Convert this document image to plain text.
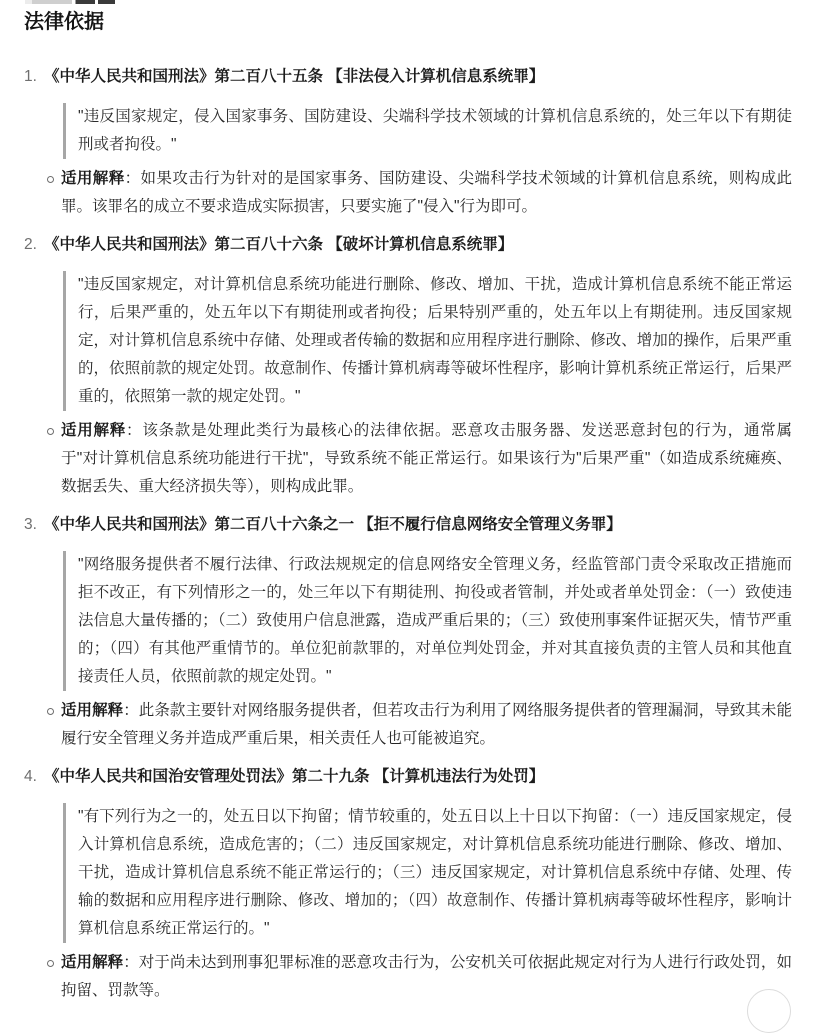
法律依据
1. 《中华人民共和国刑法》第二百八十五条 【非法侵入计算机信息系统罪】
"违反国家规定，侵入国家事务、国防建设、尖端科学技术领域的计算机信息系统的，处三年以下有期徒刑或者拘役。"
适用解释：如果攻击行为针对的是国家事务、国防建设、尖端科学技术领域的计算机信息系统，则构成此罪。该罪名的成立不要求造成实际损害，只要实施了"侵入"行为即可。
2. 《中华人民共和国刑法》第二百八十六条 【破坏计算机信息系统罪】
"违反国家规定，对计算机信息系统功能进行删除、修改、增加、干扰，造成计算机信息系统不能正常运行，后果严重的，处五年以下有期徒刑或者拘役；后果特别严重的，处五年以上有期徒刑。违反国家规定，对计算机信息系统中存储、处理或者传输的数据和应用程序进行删除、修改、增加的操作，后果严重的，依照前款的规定处罚。故意制作、传播计算机病毒等破坏性程序，影响计算机系统正常运行，后果严重的，依照第一款的规定处罚。"
适用解释：该条款是处理此类行为最核心的法律依据。恶意攻击服务器、发送恶意封包的行为，通常属于"对计算机信息系统功能进行干扰"，导致系统不能正常运行。如果该行为"后果严重"（如造成系统瘫痪、数据丢失、重大经济损失等），则构成此罪。
3. 《中华人民共和国刑法》第二百八十六条之一 【拒不履行信息网络安全管理义务罪】
"网络服务提供者不履行法律、行政法规规定的信息网络安全管理义务，经监管部门责令采取改正措施而拒不改正，有下列情形之一的，处三年以下有期徒刑、拘役或者管制，并处或者单处罚金：（一）致使违法信息大量传播的；（二）致使用户信息泄露，造成严重后果的；（三）致使刑事案件证据灭失，情节严重的；（四）有其他严重情节的。单位犯前款罪的，对单位判处罚金，并对其直接负责的主管人员和其他直接责任人员，依照前款的规定处罚。"
适用解释：此条款主要针对网络服务提供者，但若攻击行为利用了网络服务提供者的管理漏洞，导致其未能履行安全管理义务并造成严重后果，相关责任人也可能被追究。
4. 《中华人民共和国治安管理处罚法》第二十九条 【计算机违法行为处罚】
"有下列行为之一的，处五日以下拘留；情节较重的，处五日以上十日以下拘留：（一）违反国家规定，侵入计算机信息系统，造成危害的；（二）违反国家规定，对计算机信息系统功能进行删除、修改、增加、干扰，造成计算机信息系统不能正常运行的；（三）违反国家规定，对计算机信息系统中存储、处理、传输的数据和应用程序进行删除、修改、增加的；（四）故意制作、传播计算机病毒等破坏性程序，影响计算机信息系统正常运行的。"
适用解释：对于尚未达到刑事犯罪标准的恶意攻击行为，公安机关可依据此规定对行为人进行行政处罚，如拘留、罚款等。
